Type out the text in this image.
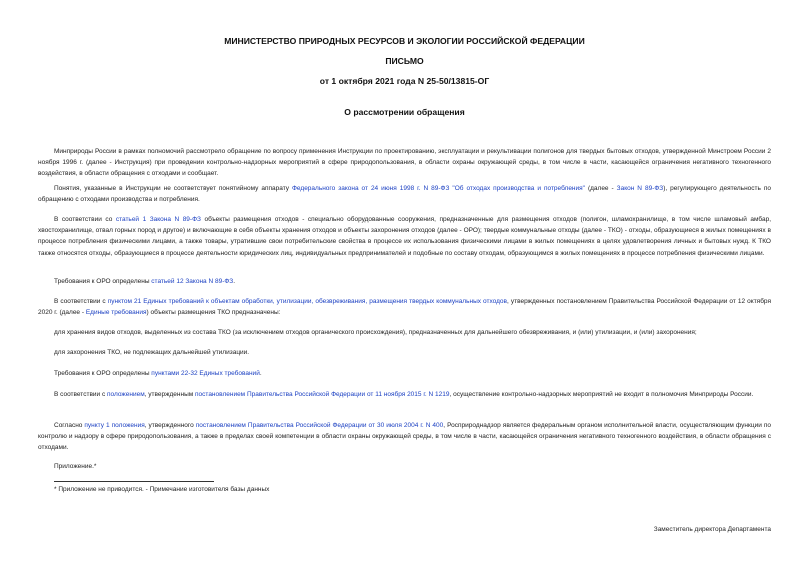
МИНИСТЕРСТВО ПРИРОДНЫХ РЕСУРСОВ И ЭКОЛОГИИ РОССИЙСКОЙ ФЕДЕРАЦИИ
ПИСЬМО
от 1 октября 2021 года N 25-50/13815-ОГ
О рассмотрении обращения

Минприроды России в рамках полномочий рассмотрело обращение по вопросу применения Инструкции по проектированию, эксплуатации и рекультивации полигонов для твердых бытовых отходов, утвержденной Минстроем России 2 ноября 1996 г. (далее - Инструкция) при проведении контрольно-надзорных мероприятий в сфере природопользования, в области охраны окружающей среды, в том числе в части, касающейся ограничения негативного техногенного воздействия, в области обращения с отходами и сообщает.

Понятия, указанные в Инструкции не соответствует понятийному аппарату Федерального закона от 24 июня 1998 г. N 89-ФЗ "Об отходах производства и потребления" (далее - Закон N 89-ФЗ), регулирующего деятельность по обращению с отходами производства и потребления.

В соответствии со статьей 1 Закона N 89-ФЗ объекты размещения отходов - специально оборудованные сооружения, предназначенные для размещения отходов (полигон, шламохранилище, в том числе шламовый амбар, хвостохранилище, отвал горных пород и другое) и включающие в себя объекты хранения отходов и объекты захоронения отходов (далее - ОРО); твердые коммунальные отходы (далее - ТКО) - отходы, образующиеся в жилых помещениях в процессе потребления физическими лицами, а также товары, утратившие свои потребительские свойства в процессе их использования физическими лицами в жилых помещениях в целях удовлетворения личных и бытовых нужд. К ТКО также относятся отходы, образующиеся в процессе деятельности юридических лиц, индивидуальных предпринимателей и подобные по составу отходам, образующимся в жилых помещениях в процессе потребления физическими лицами.

Требования к ОРО определены статьей 12 Закона N 89-ФЗ.

В соответствии с пунктом 21 Единых требований к объектам обработки, утилизации, обезвреживания, размещения твердых коммунальных отходов, утвержденных постановлением Правительства Российской Федерации от 12 октября 2020 г. (далее - Единые требования) объекты размещения ТКО предназначены:

для хранения видов отходов, выделенных из состава ТКО (за исключением отходов органического происхождения), предназначенных для дальнейшего обезвреживания, и (или) утилизации, и (или) захоронения;

для захоронения ТКО, не подлежащих дальнейшей утилизации.

Требования к ОРО определены пунктами 22-32 Единых требований.

В соответствии с положением, утвержденным постановлением Правительства Российской Федерации от 11 ноября 2015 г. N 1219, осуществление контрольно-надзорных мероприятий не входит в полномочия Минприроды России.

Согласно пункту 1 положения, утвержденного постановлением Правительства Российской Федерации от 30 июля 2004 г. N 400, Росприроднадзор является федеральным органом исполнительной власти, осуществляющим функции по контролю и надзору в сфере природопользования, а также в пределах своей компетенции в области охраны окружающей среды, в том числе в части, касающейся ограничения негативного техногенного воздействия, в области обращения с отходами.

Приложение.*

* Приложение не приводится. - Примечание изготовителя базы данных
Заместитель директора Департамента
